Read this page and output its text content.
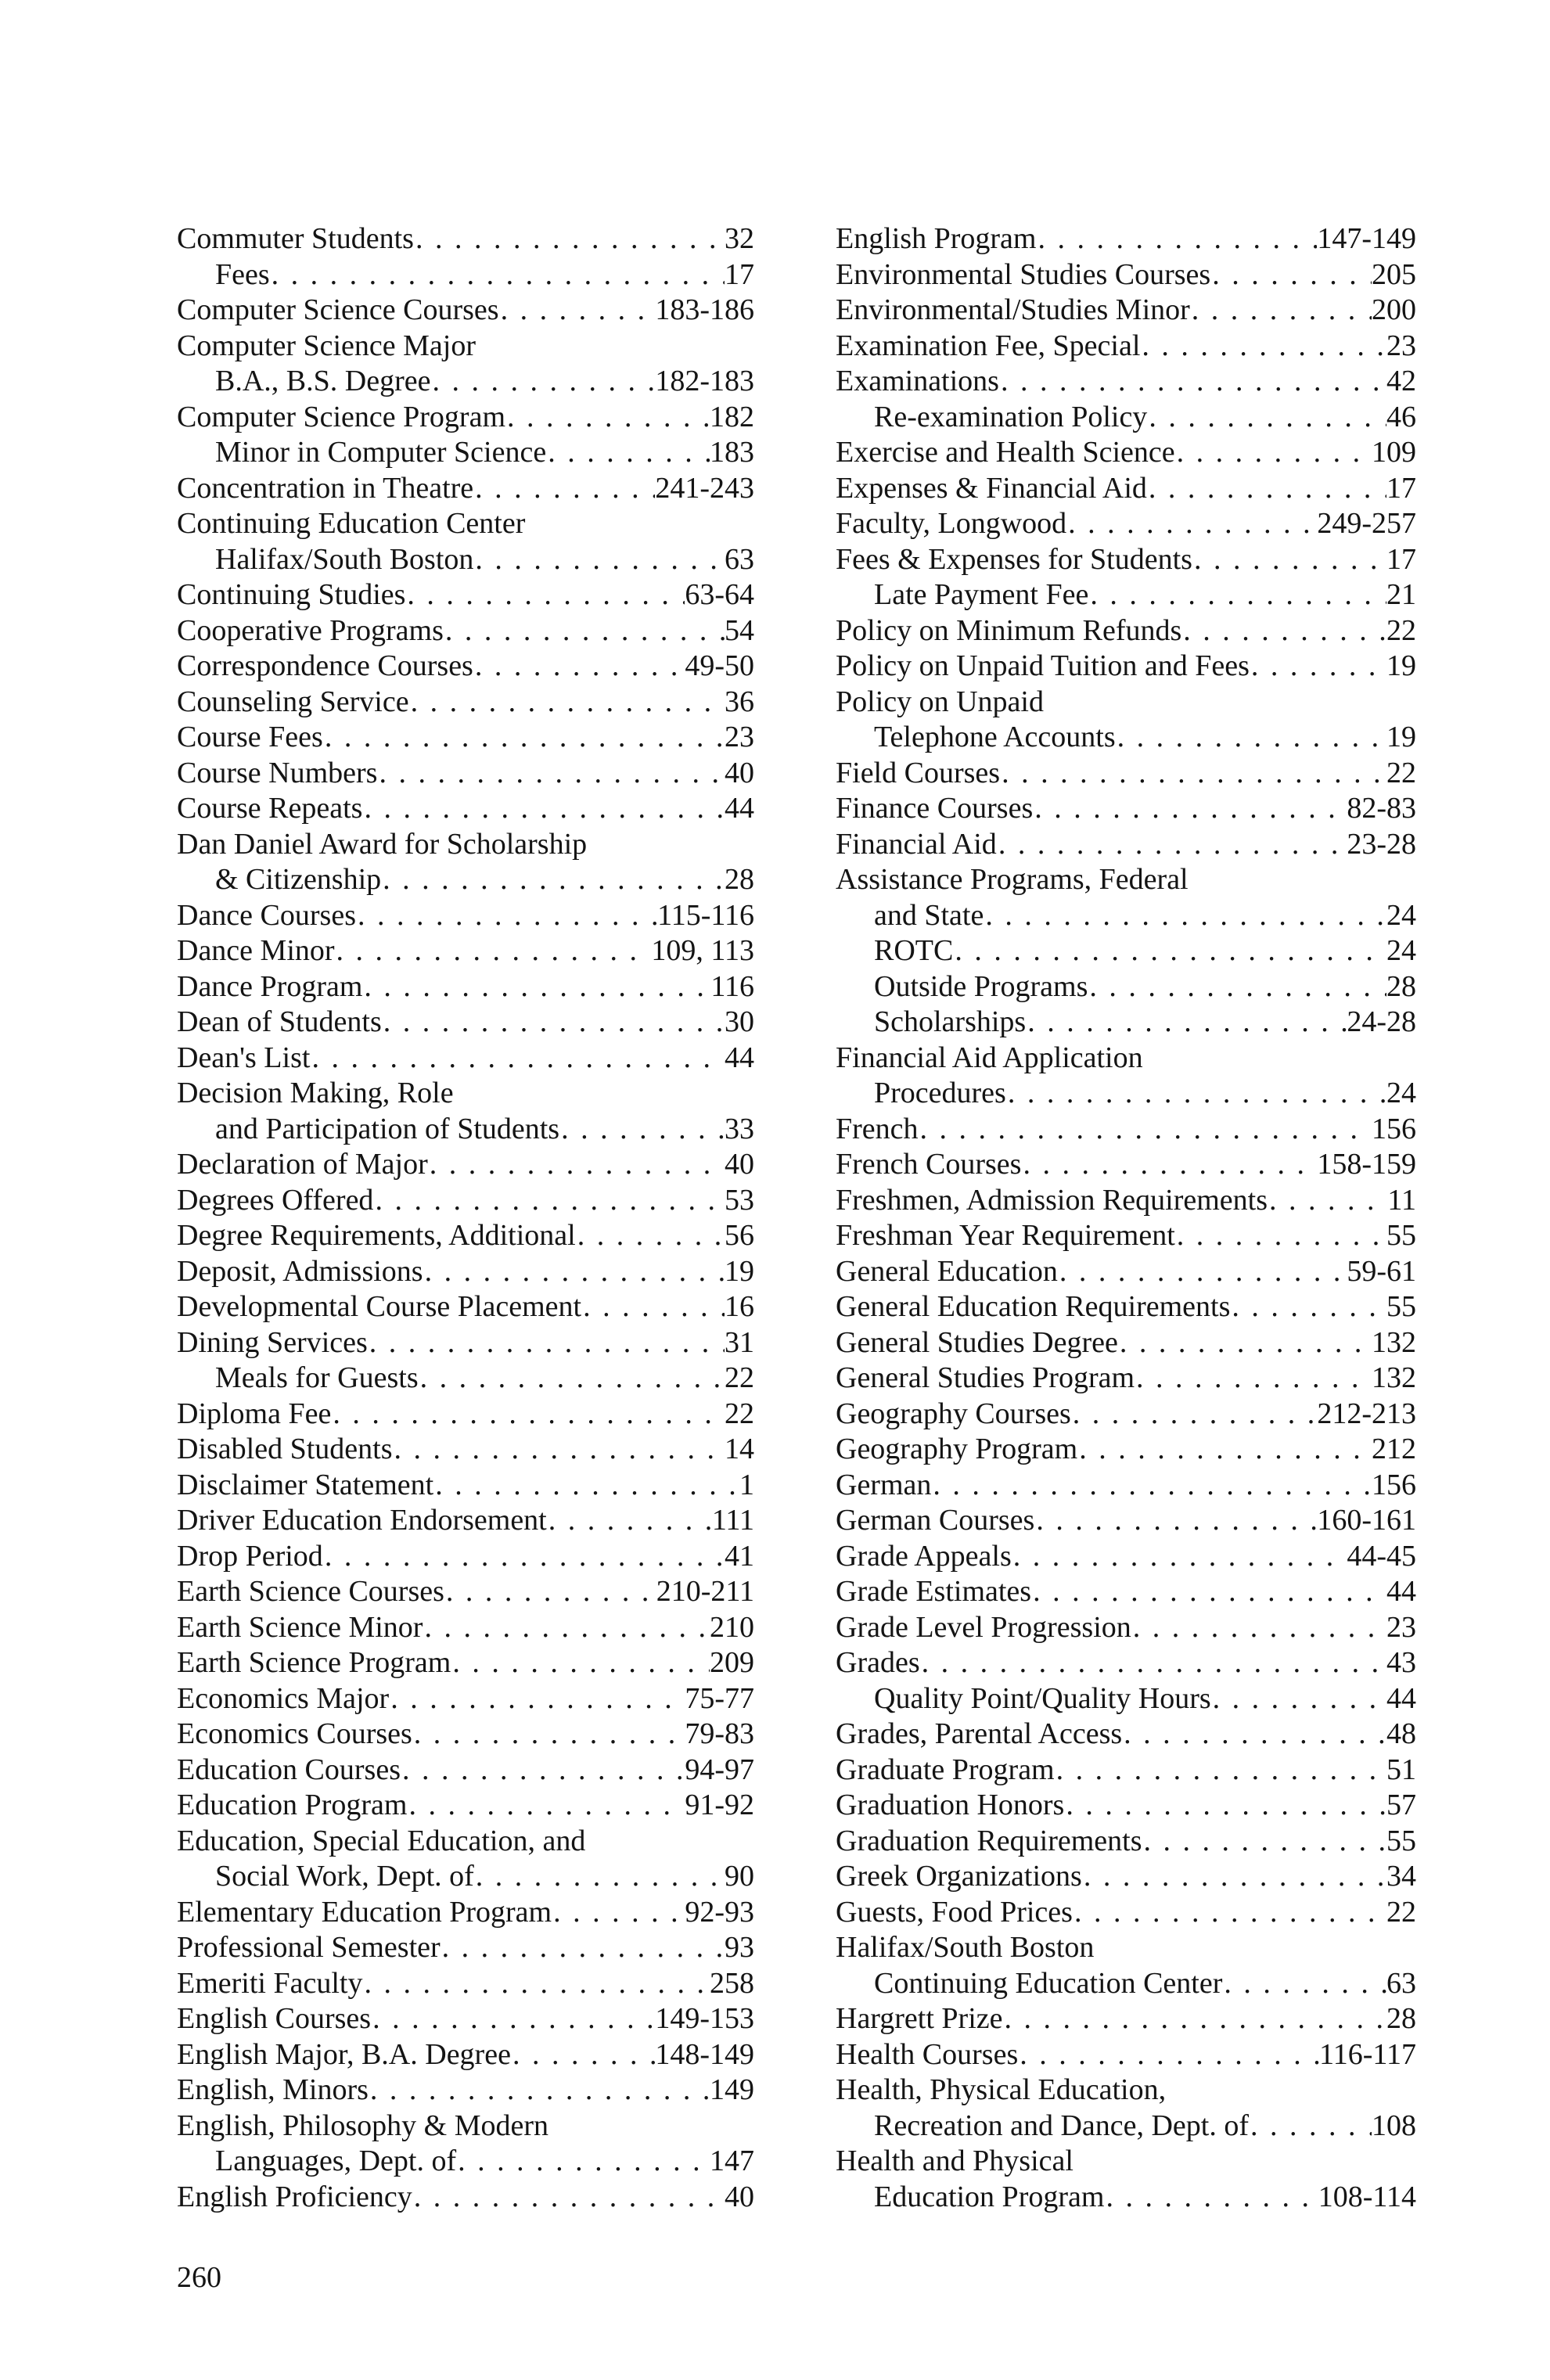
Commuter Students . . .	32
Fees . . .	17
Computer Science Courses . . .	183-186
Computer Science Major
B.A., B.S. Degree . . .	182-183
Computer Science Program . . .	182
Minor in Computer Science . . .	183
Concentration in Theatre . . .	241-243
Continuing Education Center
Halifax/South Boston . . .	63
Continuing Studies . . .	63-64
Cooperative Programs . . .	54
Correspondence Courses . . .	49-50
Counseling Service . . .	36
Course Fees . . .	23
Course Numbers . . .	40
Course Repeats . . .	44
Dan Daniel Award for Scholarship
& Citizenship . . .	28
Dance Courses . . .	115-116
Dance Minor . . .	109, 113
Dance Program . . .	116
Dean of Students . . .	30
Dean's List . . .	44
Decision Making, Role
and Participation of Students . . .	33
Declaration of Major . . .	40
Degrees Offered . . .	53
Degree Requirements, Additional . . .	56
Deposit, Admissions . . .	19
Developmental Course Placement . . .	16
Dining Services . . .	31
Meals for Guests . . .	22
Diploma Fee . . .	22
Disabled Students . . .	14
Disclaimer Statement . . .	1
Driver Education Endorsement . . .	111
Drop Period . . .	41
Earth Science Courses . . .	210-211
Earth Science Minor . . .	210
Earth Science Program . . .	209
Economics Major . . .	75-77
Economics Courses . . .	79-83
Education Courses . . .	94-97
Education Program . . .	91-92
Education, Special Education, and
Social Work, Dept. of . . .	90
Elementary Education Program . . .	92-93
Professional Semester . . .	93
Emeriti Faculty . . .	258
English Courses . . .	149-153
English Major, B.A. Degree . . .	148-149
English, Minors . . .	149
English, Philosophy & Modern
Languages, Dept. of . . .	147
English Proficiency . . .	40
English Program . . .	147-149
Environmental Studies Courses . . .	205
Environmental/Studies Minor . . .	200
Examination Fee, Special . . .	23
Examinations . . .	42
Re-examination Policy . . .	46
Exercise and Health Science . . .	109
Expenses & Financial Aid . . .	17
Faculty, Longwood . . .	249-257
Fees & Expenses for Students . . .	17
Late Payment Fee . . .	21
Policy on Minimum Refunds . . .	22
Policy on Unpaid Tuition and Fees . . .	19
Policy on Unpaid
Telephone Accounts . . .	19
Field Courses . . .	22
Finance Courses . . .	82-83
Financial Aid . . .	23-28
Assistance Programs, Federal
and State . . .	24
ROTC . . .	24
Outside Programs . . .	28
Scholarships . . .	24-28
Financial Aid Application
Procedures . . .	24
French . . .	156
French Courses . . .	158-159
Freshmen, Admission Requirements . . .	11
Freshman Year Requirement . . .	55
General Education . . .	59-61
General Education Requirements . . .	55
General Studies Degree . . .	132
General Studies Program . . .	132
Geography Courses . . .	212-213
Geography Program . . .	212
German . . .	156
German Courses . . .	160-161
Grade Appeals . . .	44-45
Grade Estimates . . .	44
Grade Level Progression . . .	23
Grades . . .	43
Quality Point/Quality Hours . . .	44
Grades, Parental Access . . .	48
Graduate Program . . .	51
Graduation Honors . . .	57
Graduation Requirements . . .	55
Greek Organizations . . .	34
Guests, Food Prices . . .	22
Halifax/South Boston
Continuing Education Center . . .	63
Hargrett Prize . . .	28
Health Courses . . .	116-117
Health, Physical Education,
Recreation and Dance, Dept. of . . .	108
Health and Physical
Education Program . . .	108-114
260
